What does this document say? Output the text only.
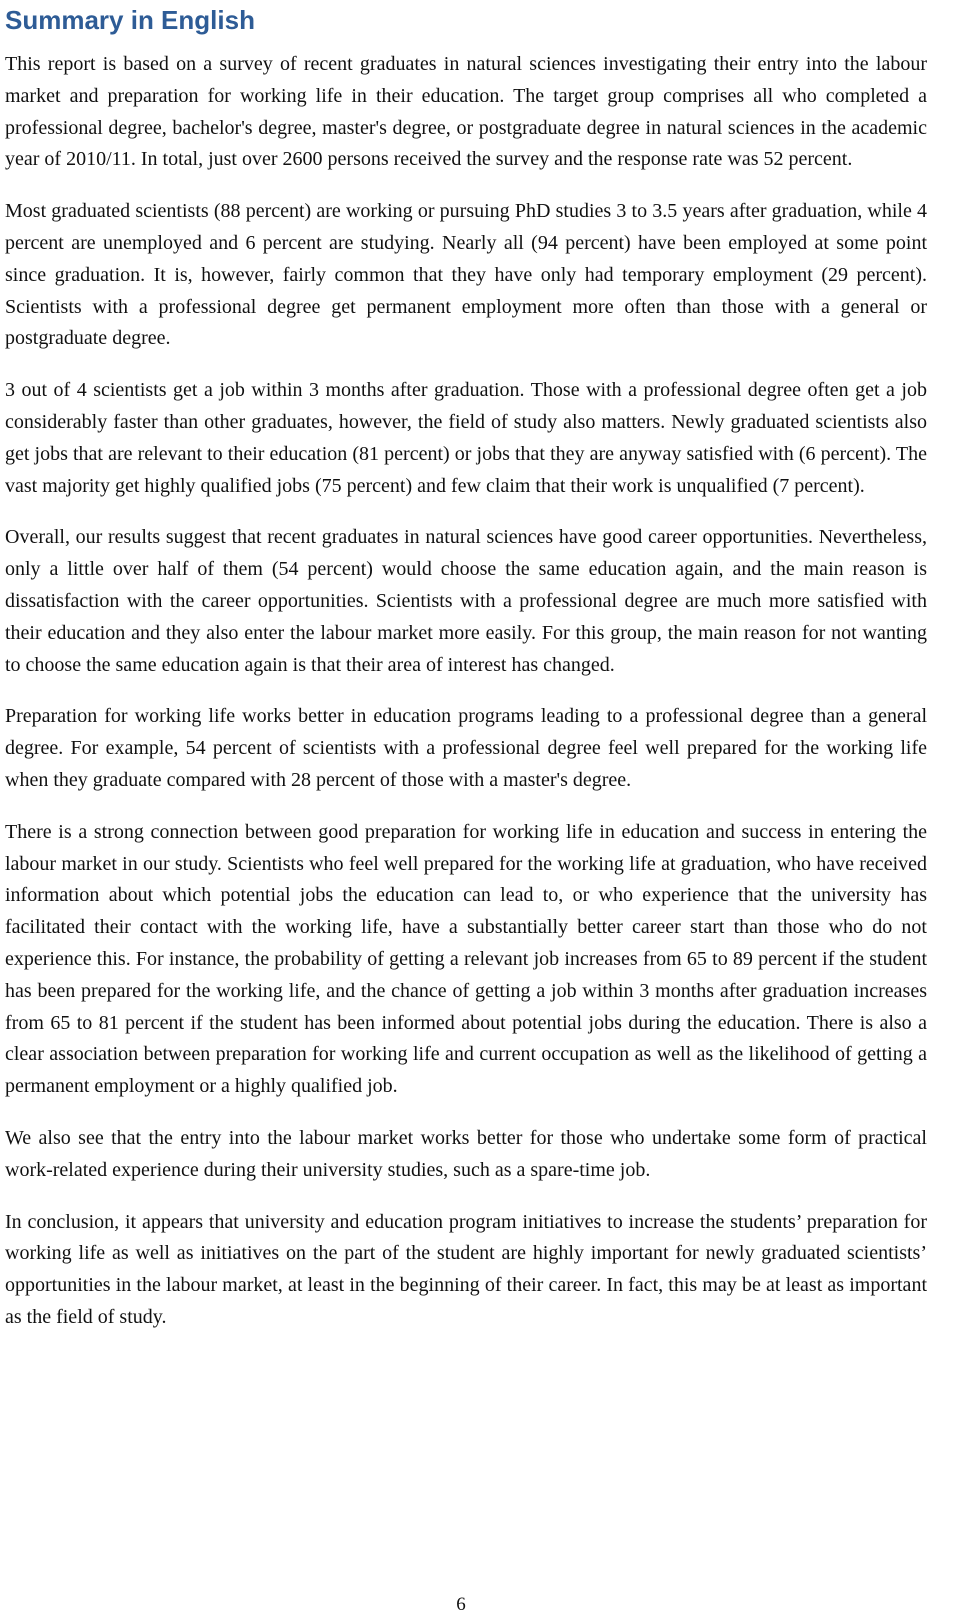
Summary in English

This report is based on a survey of recent graduates in natural sciences investigating their entry into the labour market and preparation for working life in their education. The target group comprises all who completed a professional degree, bachelor's degree, master's degree, or postgraduate degree in natural sciences in the academic year of 2010/11. In total, just over 2600 persons received the survey and the response rate was 52 percent.

Most graduated scientists (88 percent) are working or pursuing PhD studies 3 to 3.5 years after graduation, while 4 percent are unemployed and 6 percent are studying. Nearly all (94 percent) have been employed at some point since graduation. It is, however, fairly common that they have only had temporary employment (29 percent). Scientists with a professional degree get permanent employment more often than those with a general or postgraduate degree.

3 out of 4 scientists get a job within 3 months after graduation. Those with a professional degree often get a job considerably faster than other graduates, however, the field of study also matters. Newly graduated scientists also get jobs that are relevant to their education (81 percent) or jobs that they are anyway satisfied with (6 percent). The vast majority get highly qualified jobs (75 percent) and few claim that their work is unqualified (7 percent).

Overall, our results suggest that recent graduates in natural sciences have good career opportunities. Nevertheless, only a little over half of them (54 percent) would choose the same education again, and the main reason is dissatisfaction with the career opportunities. Scientists with a professional degree are much more satisfied with their education and they also enter the labour market more easily. For this group, the main reason for not wanting to choose the same education again is that their area of interest has changed.

Preparation for working life works better in education programs leading to a professional degree than a general degree. For example, 54 percent of scientists with a professional degree feel well prepared for the working life when they graduate compared with 28 percent of those with a master's degree.

There is a strong connection between good preparation for working life in education and success in entering the labour market in our study. Scientists who feel well prepared for the working life at graduation, who have received information about which potential jobs the education can lead to, or who experience that the university has facilitated their contact with the working life, have a substantially better career start than those who do not experience this. For instance, the probability of getting a relevant job increases from 65 to 89 percent if the student has been prepared for the working life, and the chance of getting a job within 3 months after graduation increases from 65 to 81 percent if the student has been informed about potential jobs during the education. There is also a clear association between preparation for working life and current occupation as well as the likelihood of getting a permanent employment or a highly qualified job.

We also see that the entry into the labour market works better for those who undertake some form of practical work-related experience during their university studies, such as a spare-time job.

In conclusion, it appears that university and education program initiatives to increase the students’ preparation for working life as well as initiatives on the part of the student are highly important for newly graduated scientists’ opportunities in the labour market, at least in the beginning of their career. In fact, this may be at least as important as the field of study.

6
